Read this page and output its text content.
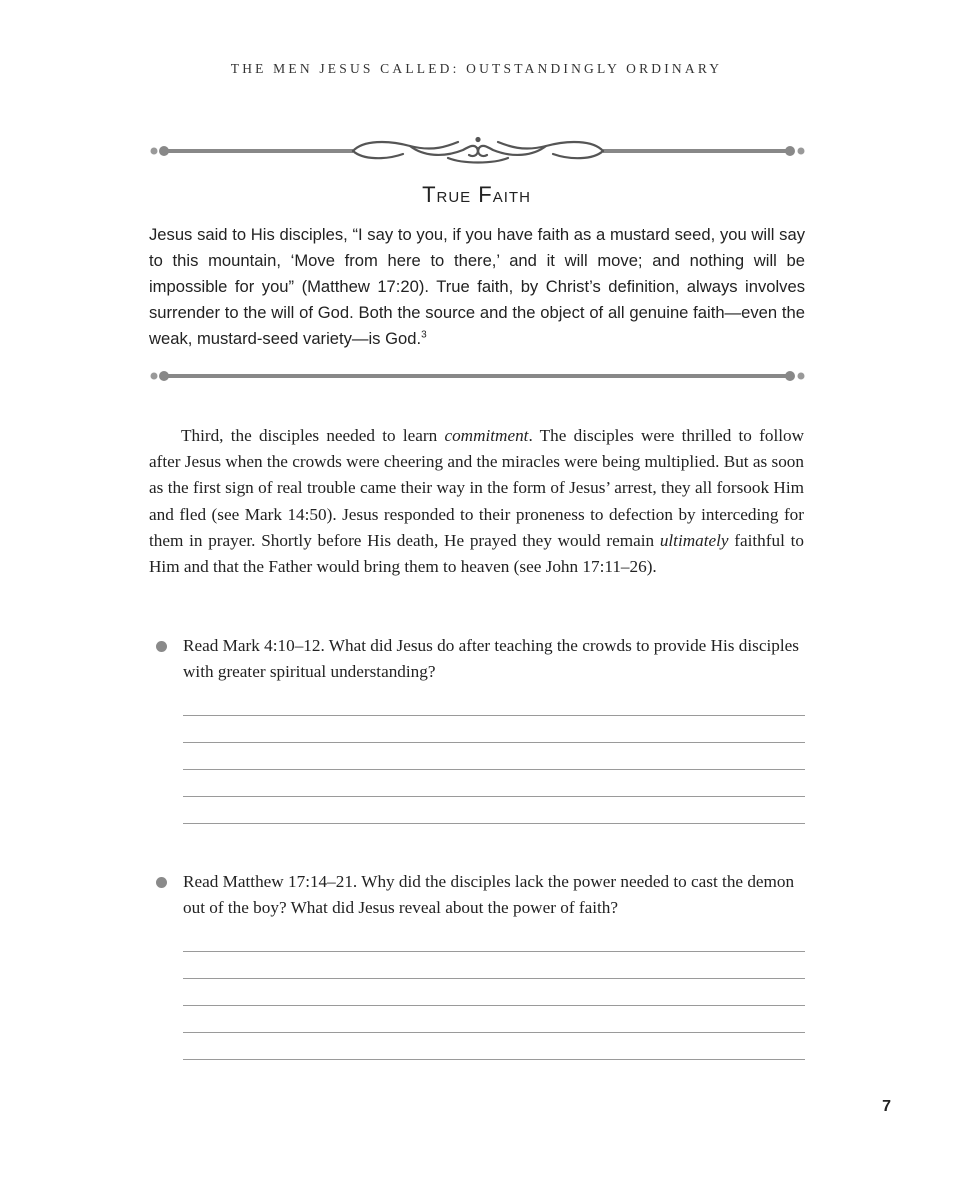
THE MEN JESUS CALLED: OUTSTANDINGLY ORDINARY
True Faith

Jesus said to His disciples, “I say to you, if you have faith as a mustard seed, you will say to this mountain, ‘Move from here to there,’ and it will move; and nothing will be impossible for you” (Matthew 17:20). True faith, by Christ’s definition, always involves surrender to the will of God. Both the source and the object of all genuine faith—even the weak, mustard-seed variety—is God.$^3$

Third, the disciples needed to learn commitment. The disciples were thrilled to follow after Jesus when the crowds were cheering and the miracles were being multiplied. But as soon as the first sign of real trouble came their way in the form of Jesus’ arrest, they all forsook Him and fled (see Mark 14:50). Jesus responded to their proneness to defection by interceding for them in prayer. Shortly before His death, He prayed they would remain ultimately faithful to Him and that the Father would bring them to heaven (see John 17:11–26).

Read Mark 4:10–12. What did Jesus do after teaching the crowds to provide His disciples with greater spiritual understanding?

Read Matthew 17:14–21. Why did the disciples lack the power needed to cast the demon out of the boy? What did Jesus reveal about the power of faith?

7
